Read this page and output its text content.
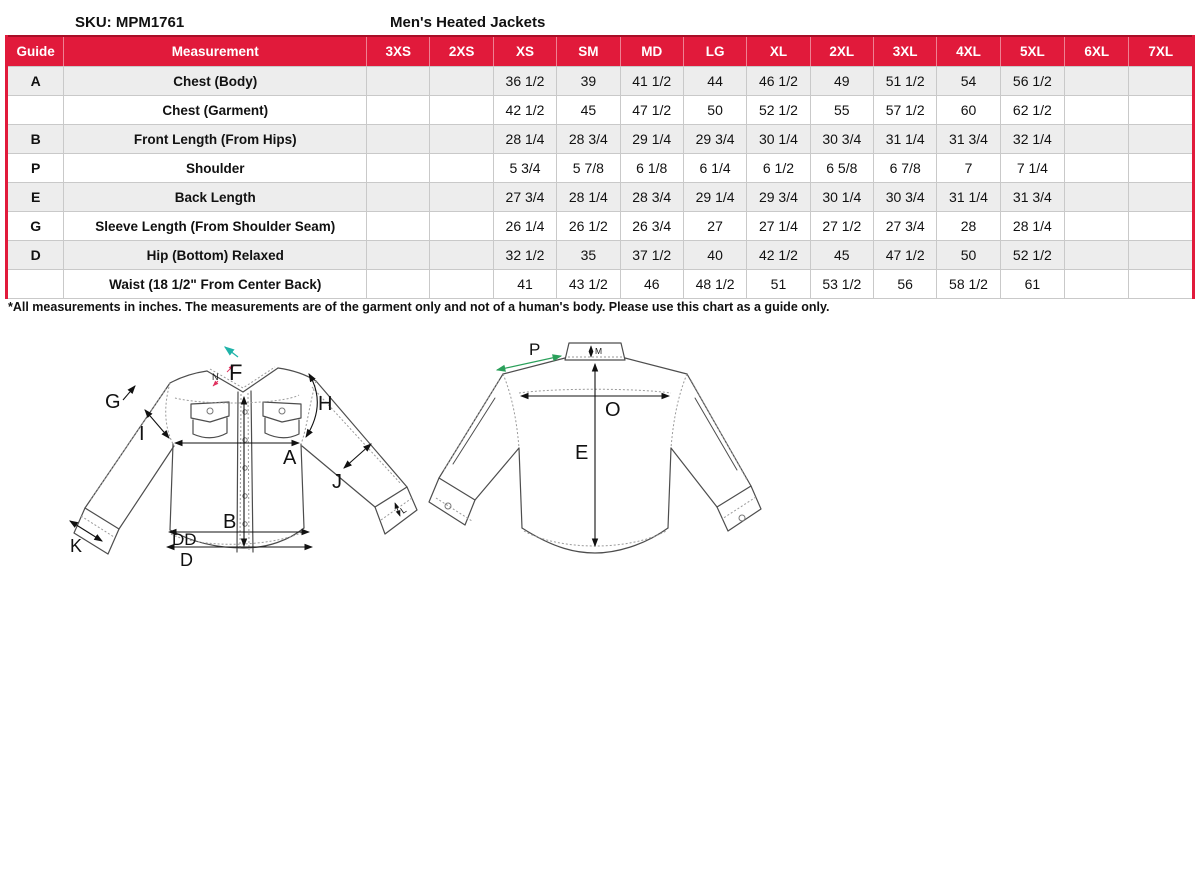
SKU: MPM1761	Men's Heated Jackets
Guide	Measurement	3XS	2XS	XS	SM	MD	LG	XL	2XL	3XL	4XL	5XL	6XL	7XL
A	Chest (Body)			36 1/2	39	41 1/2	44	46 1/2	49	51 1/2	54	56 1/2		
	Chest (Garment)			42 1/2	45	47 1/2	50	52 1/2	55	57 1/2	60	62 1/2		
B	Front Length (From Hips)			28 1/4	28 3/4	29 1/4	29 3/4	30 1/4	30 3/4	31 1/4	31 3/4	32 1/4		
P	Shoulder			5 3/4	5 7/8	6 1/8	6 1/4	6 1/2	6 5/8	6 7/8	7	7 1/4		
E	Back Length			27 3/4	28 1/4	28 3/4	29 1/4	29 3/4	30 1/4	30 3/4	31 1/4	31 3/4		
G	Sleeve Length (From Shoulder Seam)			26 1/4	26 1/2	26 3/4	27	27 1/4	27 1/2	27 3/4	28	28 1/4		
D	Hip (Bottom) Relaxed			32 1/2	35	37 1/2	40	42 1/2	45	47 1/2	50	52 1/2		
	Waist (18 1/2" From Center Back)			41	43 1/2	46	48 1/2	51	53 1/2	56	58 1/2	61		
*All measurements in inches. The measurements are of the garment only and not of a human's body. Please use this chart as a guide only.
F
N
G
I
H
A
J
B
K	DD
D
L
P	M
O
E
